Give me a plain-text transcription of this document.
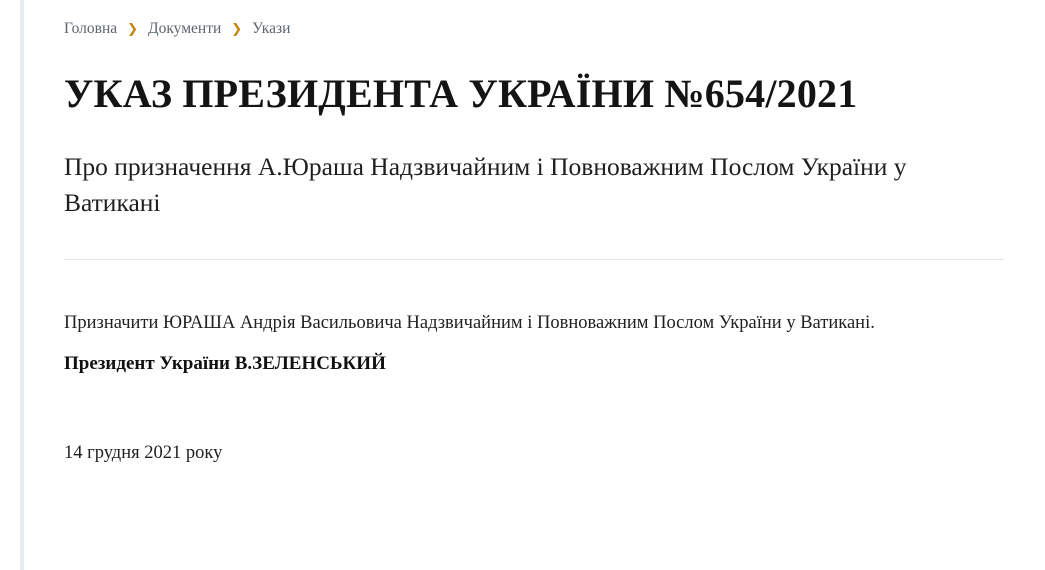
Головна ❯ Документи ❯ Укази
УКАЗ ПРЕЗИДЕНТА УКРАЇНИ №654/2021
Про призначення А.Юраша Надзвичайним і Повноважним Послом України у Ватикані

Призначити ЮРАША Андрія Васильовича Надзвичайним і Повноважним Послом України у Ватикані.

Президент України В.ЗЕЛЕНСЬКИЙ

14 грудня 2021 року
